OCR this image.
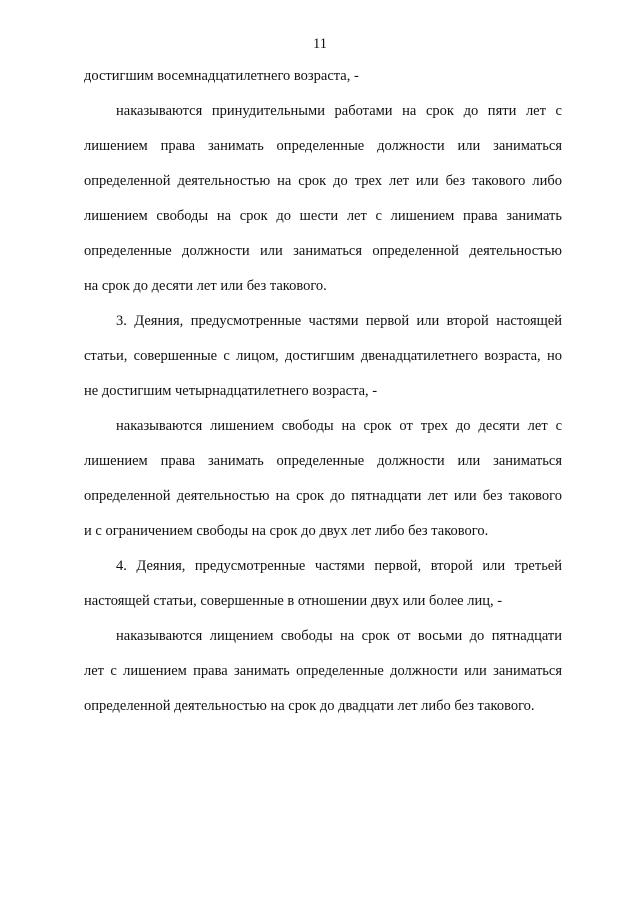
11
достигшим восемнадцатилетнего возраста, -
наказываются принудительными работами на срок до пяти лет с
лишением права занимать определенные должности или заниматься
определенной деятельностью на срок до трех лет или без такового либо
лишением свободы на срок до шести лет с лишением права занимать
определенные должности или заниматься определенной деятельностью
на срок до десяти лет или без такового.
3. Деяния, предусмотренные частями первой или второй настоящей
статьи, совершенные с лицом, достигшим двенадцатилетнего возраста, но
не достигшим четырнадцатилетнего возраста, -
наказываются лишением свободы на срок от трех до десяти лет с
лишением права занимать определенные должности или заниматься
определенной деятельностью на срок до пятнадцати лет или без такового
и с ограничением свободы на срок до двух лет либо без такового.
4. Деяния, предусмотренные частями первой, второй или третьей
настоящей статьи, совершенные в отношении двух или более лиц, -
наказываются лищением свободы на срок от восьми до пятнадцати
лет с лишением права занимать определенные должности или заниматься
определенной деятельностью на срок до двадцати лет либо без такового.
